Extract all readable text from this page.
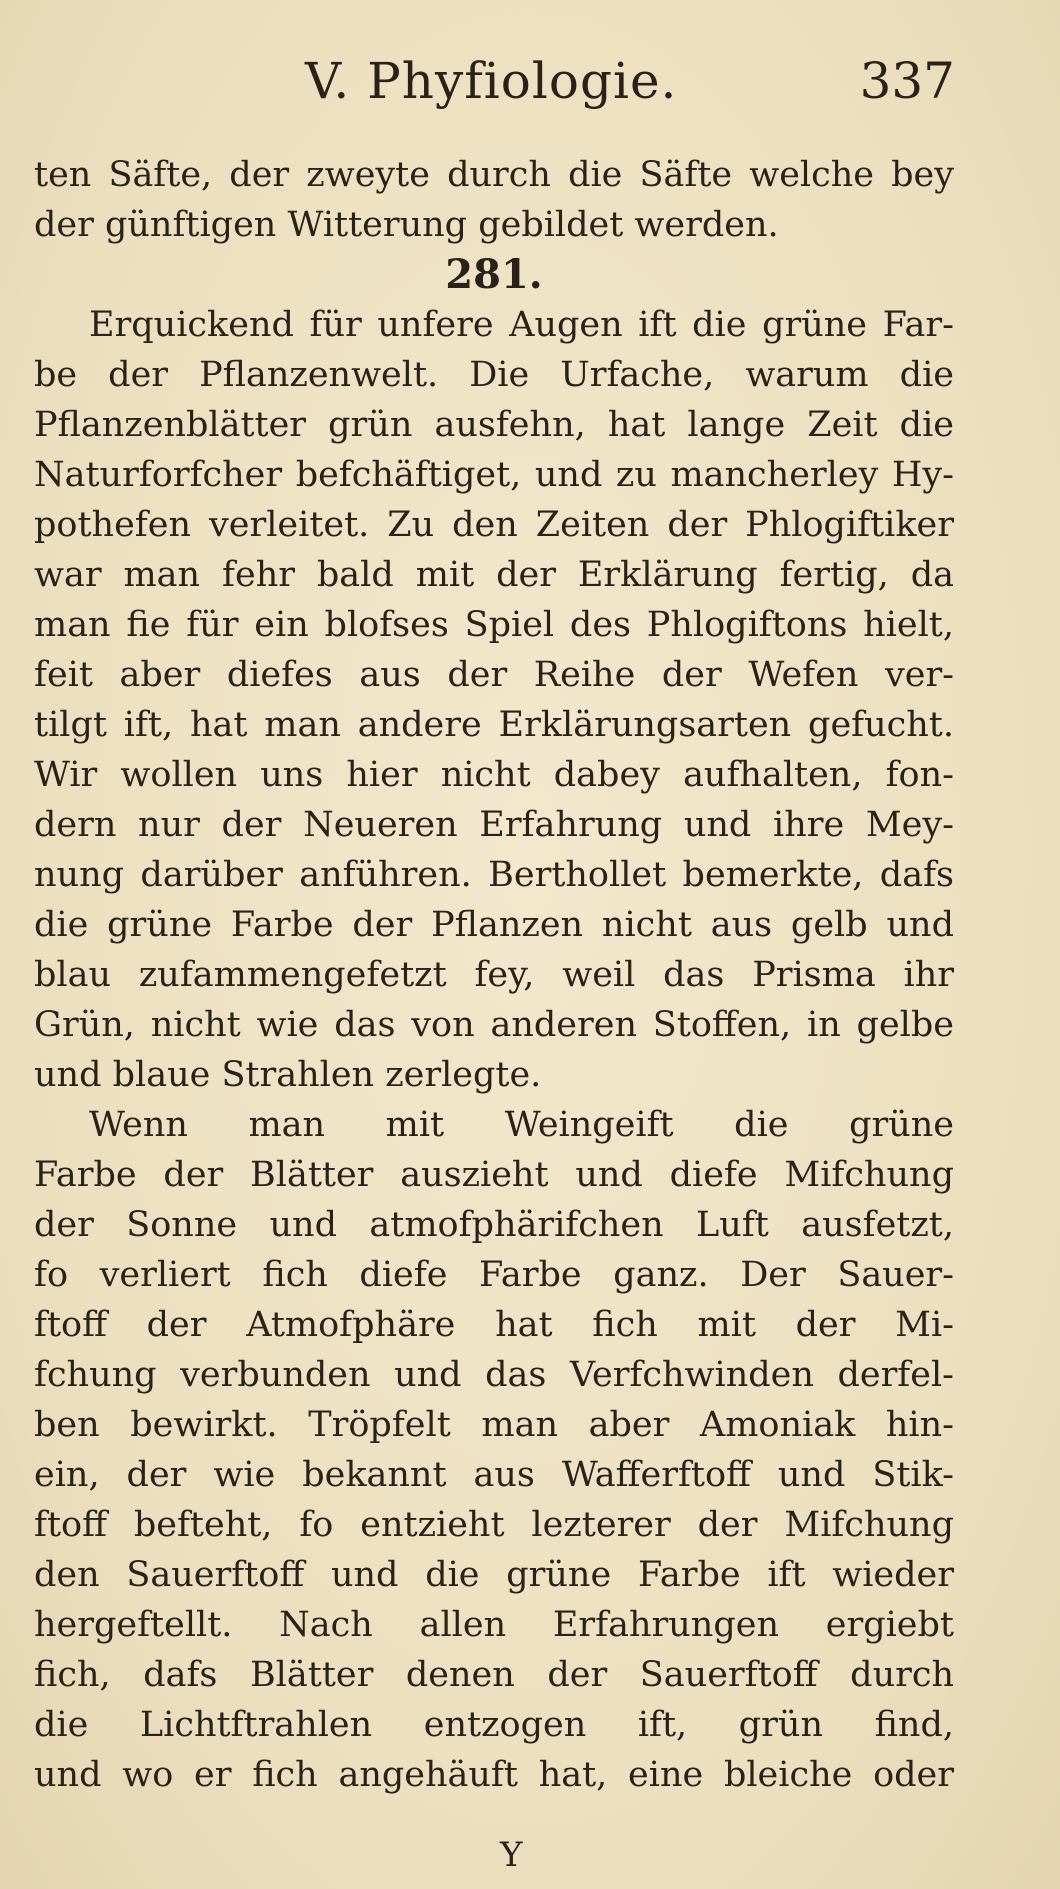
V. Phyfiologie.	337
ten Säfte, der zweyte durch die Säfte welche bey
der günftigen Witterung gebildet werden.
281.
Erquickend für unfere Augen ift die grüne Far-
be der Pflanzenwelt. Die Urfache, warum die
Pflanzenblätter grün ausfehn, hat lange Zeit die
Naturforfcher befchäftiget, und zu mancherley Hy-
pothefen verleitet. Zu den Zeiten der Phlogiftiker
war man fehr bald mit der Erklärung fertig, da
man fie für ein blofses Spiel des Phlogiftons hielt,
feit aber diefes aus der Reihe der Wefen ver-
tilgt ift, hat man andere Erklärungsarten gefucht.
Wir wollen uns hier nicht dabey aufhalten, fon-
dern nur der Neueren Erfahrung und ihre Mey-
nung darüber anführen. Berthollet bemerkte, dafs
die grüne Farbe der Pflanzen nicht aus gelb und
blau zufammengefetzt fey, weil das Prisma ihr
Grün, nicht wie das von anderen Stoffen, in gelbe
und blaue Strahlen zerlegte.
Wenn man mit Weingeift die grüne
Farbe der Blätter auszieht und diefe Mifchung
der Sonne und atmofphärifchen Luft ausfetzt,
fo verliert fich diefe Farbe ganz. Der Sauer-
ftoff der Atmofphäre hat fich mit der Mi-
fchung verbunden und das Verfchwinden derfel-
ben bewirkt. Tröpfelt man aber Amoniak hin-
ein, der wie bekannt aus Wafferftoff und Stik-
ftoff befteht, fo entzieht lezterer der Mifchung
den Sauerftoff und die grüne Farbe ift wieder
hergeftellt. Nach allen Erfahrungen ergiebt
fich, dafs Blätter denen der Sauerftoff durch
die Lichtftrahlen entzogen ift, grün find,
und wo er fich angehäuft hat, eine bleiche oder
Y
